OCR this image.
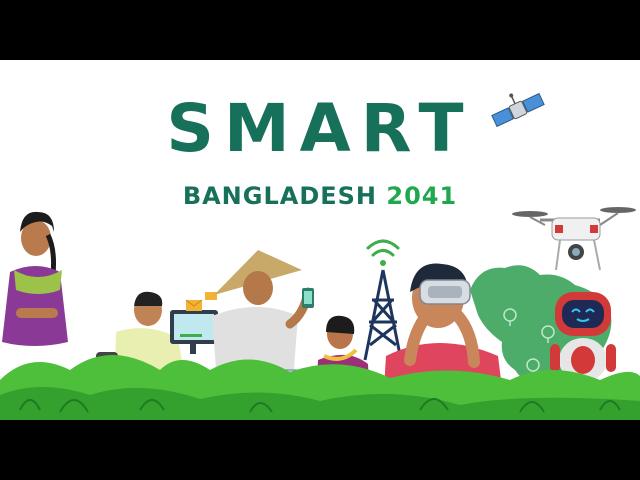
SMART
BANGLADESH 2041
